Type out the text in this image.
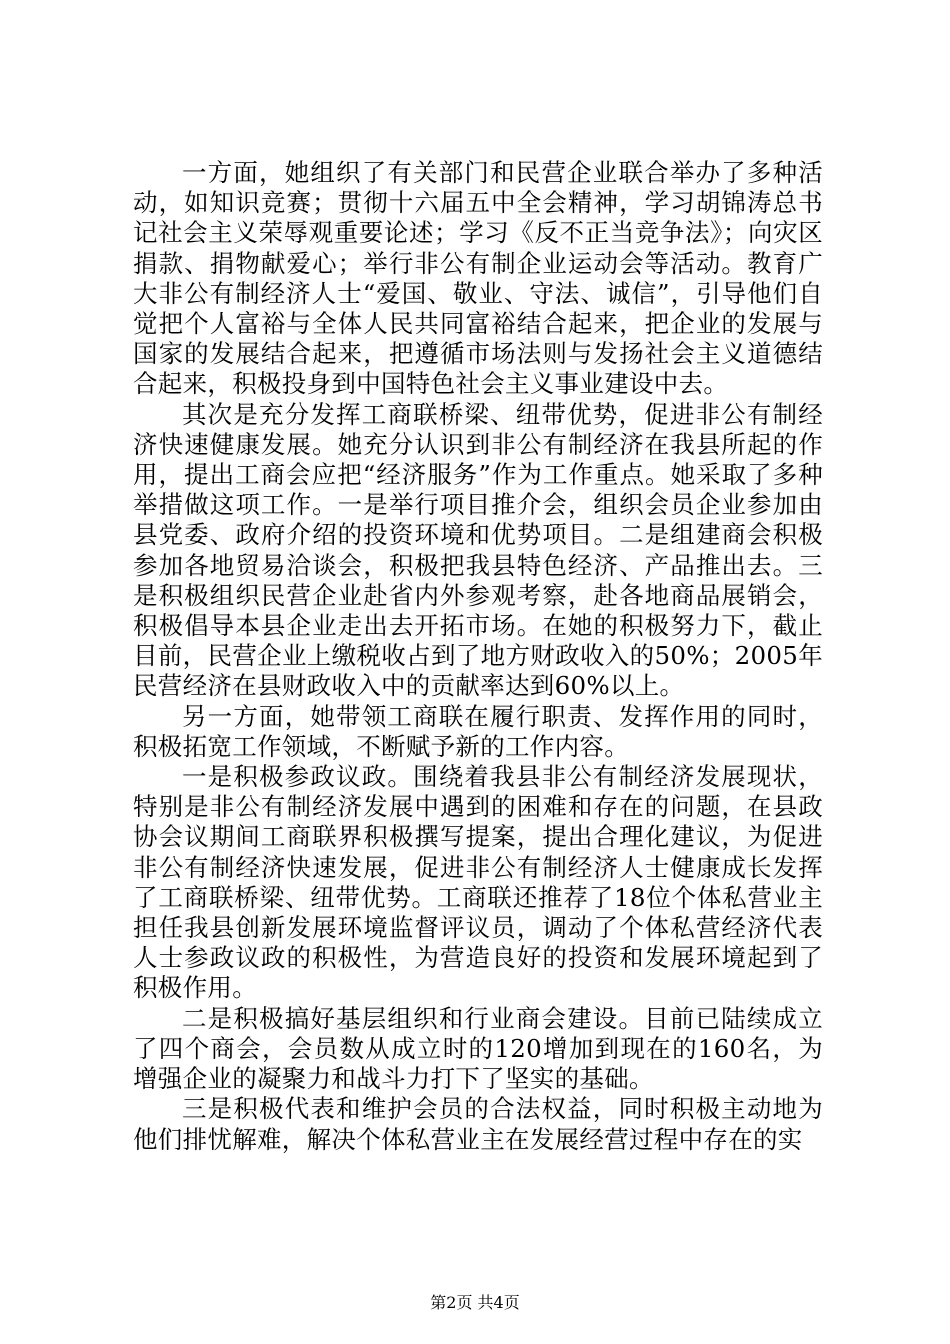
一方面，她组织了有关部门和民营企业联合举办了多种活动，如知识竞赛；贯彻十六届五中全会精神，学习胡锦涛总书记社会主义荣辱观重要论述；学习《反不正当竞争法》；向灾区捐款、捐物献爱心；举行非公有制企业运动会等活动。教育广大非公有制经济人士“爱国、敬业、守法、诚信”，引导他们自觉把个人富裕与全体人民共同富裕结合起来，把企业的发展与国家的发展结合起来，把遵循市场法则与发扬社会主义道德结合起来，积极投身到中国特色社会主义事业建设中去。

其次是充分发挥工商联桥梁、纽带优势，促进非公有制经济快速健康发展。她充分认识到非公有制经济在我县所起的作用，提出工商会应把“经济服务”作为工作重点。她采取了多种举措做这项工作。一是举行项目推介会，组织会员企业参加由县党委、政府介绍的投资环境和优势项目。二是组建商会积极参加各地贸易洽谈会，积极把我县特色经济、产品推出去。三是积极组织民营企业赴省内外参观考察，赴各地商品展销会，积极倡导本县企业走出去开拓市场。在她的积极努力下，截止目前，民营企业上缴税收占到了地方财政收入的50%；2005年民营经济在县财政收入中的贡献率达到60%以上。

另一方面，她带领工商联在履行职责、发挥作用的同时，积极拓宽工作领域，不断赋予新的工作内容。

一是积极参政议政。围绕着我县非公有制经济发展现状，特别是非公有制经济发展中遇到的困难和存在的问题，在县政协会议期间工商联界积极撰写提案，提出合理化建议，为促进非公有制经济快速发展，促进非公有制经济人士健康成长发挥了工商联桥梁、纽带优势。工商联还推荐了18位个体私营业主担任我县创新发展环境监督评议员，调动了个体私营经济代表人士参政议政的积极性，为营造良好的投资和发展环境起到了积极作用。

二是积极搞好基层组织和行业商会建设。目前已陆续成立了四个商会，会员数从成立时的120增加到现在的160名，为增强企业的凝聚力和战斗力打下了坚实的基础。

三是积极代表和维护会员的合法权益，同时积极主动地为他们排忧解难，解决个体私营业主在发展经营过程中存在的实

第2页 共4页
